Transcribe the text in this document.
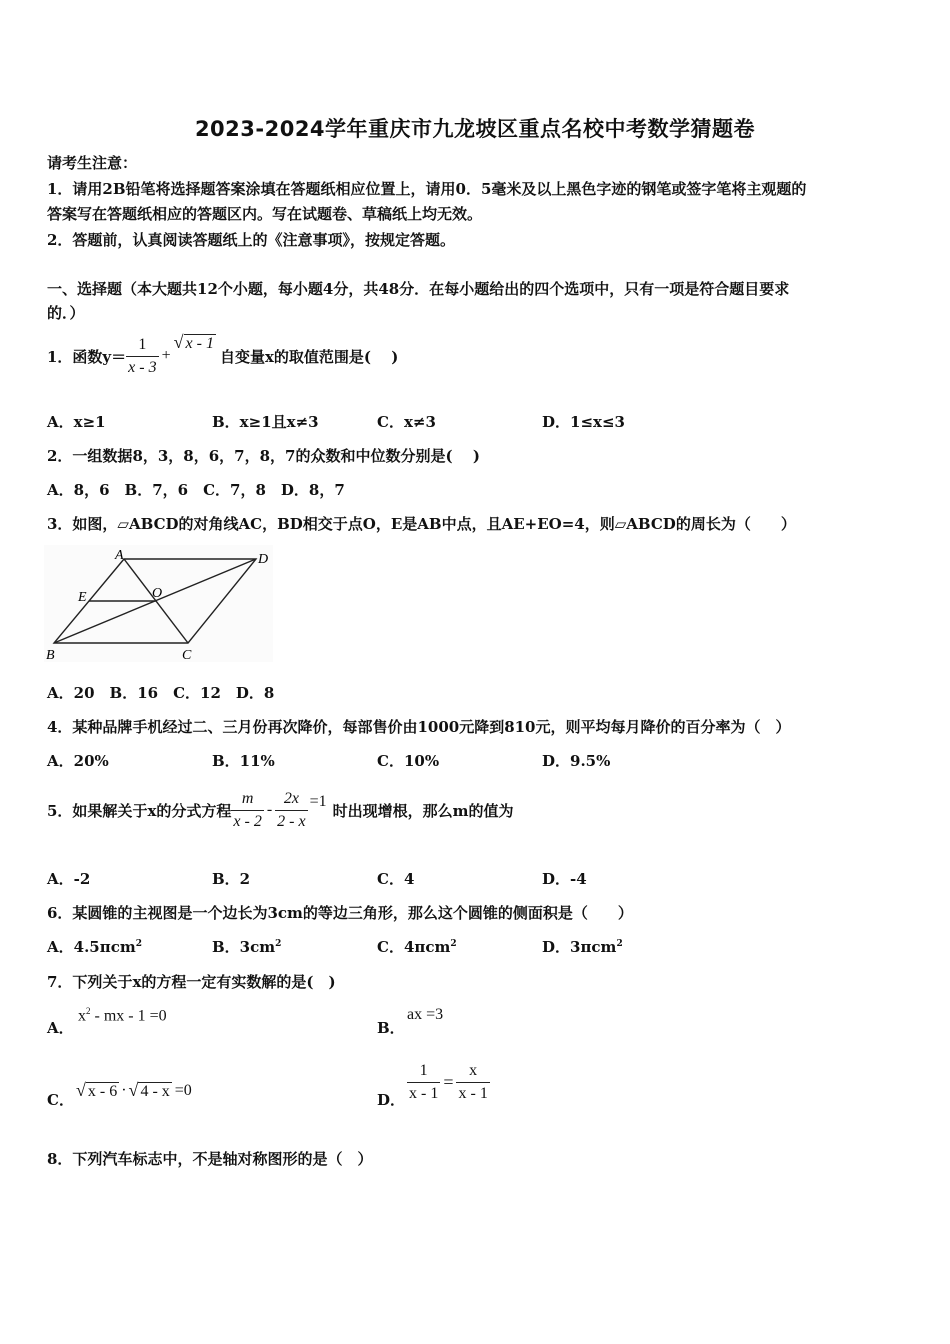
2023-2024学年重庆市九龙坡区重点名校中考数学猜题卷
请考生注意：
1．请用2B铅笔将选择题答案涂填在答题纸相应位置上，请用0．5毫米及以上黑色字迹的钢笔或签字笔将主观题的
答案写在答题纸相应的答题区内。写在试题卷、草稿纸上均无效。
2．答题前，认真阅读答题纸上的《注意事项》，按规定答题。
一、选择题（本大题共12个小题，每小题4分，共48分．在每小题给出的四个选项中，只有一项是符合题目要求
的．）
1．函数$y= \frac{1}{x - 3}$ +
√ x - 1
自变量x的取值范围是(　 )
A．x≥1	B．x≥1且x≠3	C．x≠3	D．1≤x≤3
2．一组数据8，3，8，6，7，8，7的众数和中位数分别是(　 )
A．8，6　B．7，6　C．7，8　D．8，7
3．如图，▱ABCD的对角线AC，BD相交于点O，E是AB中点，且AE+EO=4，则▱ABCD的周长为（　　）
A	D
E	O
B	C
A．20　B．16　C．12　D．8
4．某种品牌手机经过二、三月份再次降价，每部售价由1000元降到810元，则平均每月降价的百分率为（　）
A．20%	B．11%	C．10%	D．9.5%
5．如果解关于x的分式方程 $\frac{m}{x - 2} - \frac{2x}{2 - x} =1$ 时出现增根，那么m的值为
A．-2	B．2	C．4	D．-4
6．某圆锥的主视图是一个边长为3cm的等边三角形，那么这个圆锥的侧面积是（　　）
A．4.5πcm$^2$	B．$3cm^2$	C．4πcm$^2$	D．3πcm$^2$
7．下列关于x的方程一定有实数解的是(　)
A．
$x^2$ - mx - 1 =0
B．
ax =3
C． √ x - 6 · √ 4 - x =0
D． $\frac{1}{x - 1} = \frac{x}{x - 1}$
8．下列汽车标志中，不是轴对称图形的是（　）
